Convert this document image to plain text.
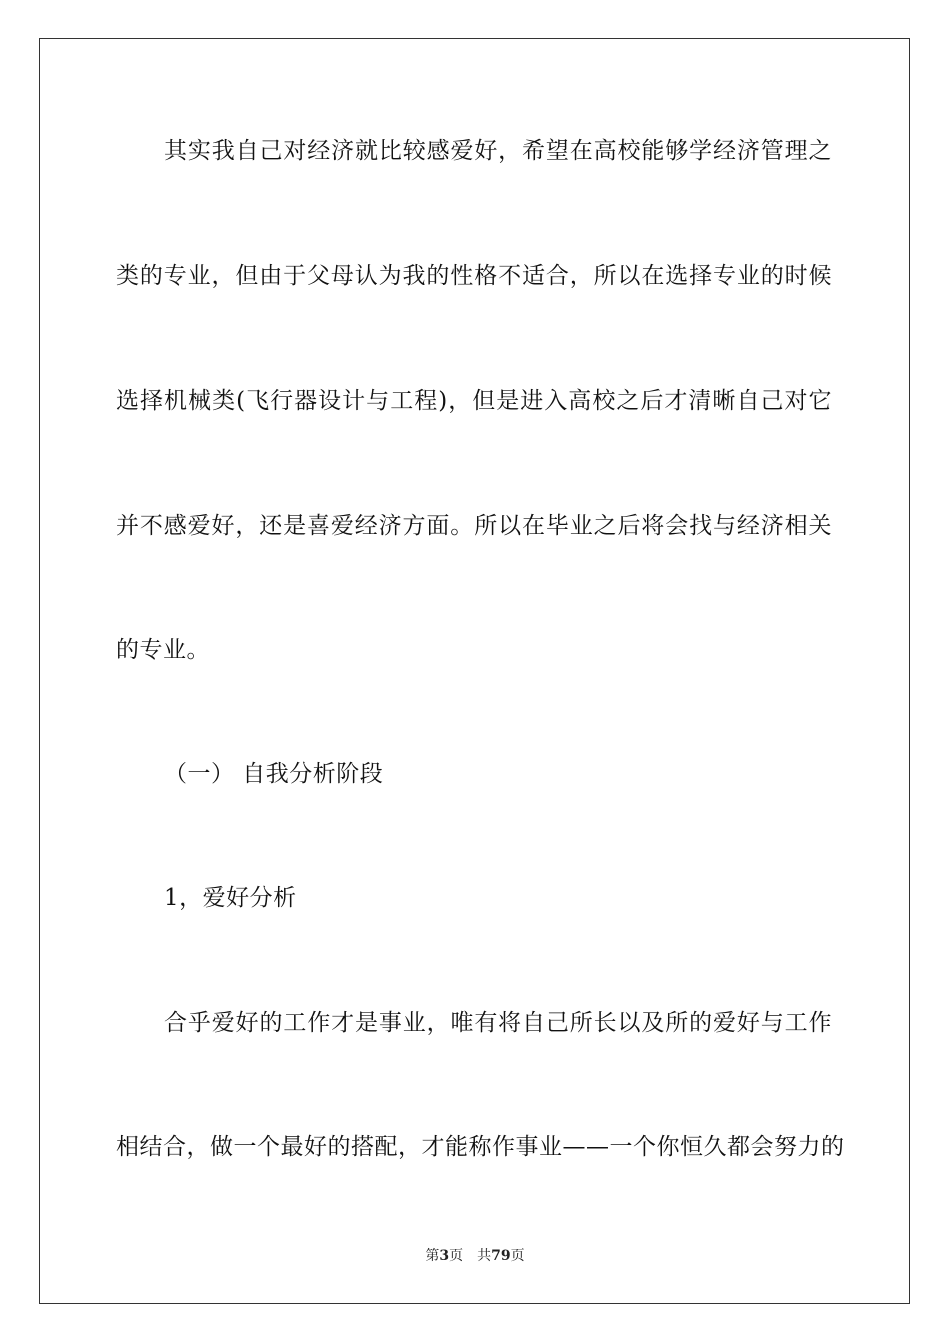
其实我自己对经济就比较感爱好，希望在高校能够学经济管理之
类的专业，但由于父母认为我的性格不适合，所以在选择专业的时候
选择机械类(飞行器设计与工程)，但是进入高校之后才清晰自己对它
并不感爱好，还是喜爱经济方面。所以在毕业之后将会找与经济相关
的专业。
（一） 自我分析阶段
1，爱好分析
合乎爱好的工作才是事业，唯有将自己所长以及所的爱好与工作
相结合，做一个最好的搭配，才能称作事业——一个你恒久都会努力的
第3页 共79页
